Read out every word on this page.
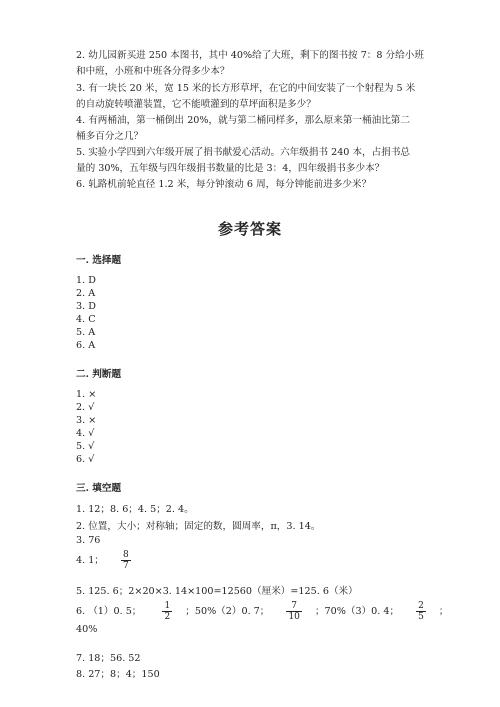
2. 幼儿园新买进 250 本图书，其中 40%给了大班，剩下的图书按 7：8 分给小班
和中班，小班和中班各分得多少本？
3. 有一块长 20 米，宽 15 米的长方形草坪，在它的中间安装了一个射程为 5 米
的自动旋转喷灌装置，它不能喷灌到的草坪面积是多少？
4. 有两桶油，第一桶倒出 20%，就与第二桶同样多，那么原来第一桶油比第二
桶多百分之几？
5. 实验小学四到六年级开展了捐书献爱心活动。六年级捐书 240 本，占捐书总
量的 30%，五年级与四年级捐书数量的比是 3：4，四年级捐书多少本？
6. 轧路机前轮直径 1.2 米，每分钟滚动 6 周，每分钟能前进多少米？
参考答案
一. 选择题
1. D
2. A
3. D
4. C
5. A
6. A
二. 判断题
1. ×
2. √
3. ×
4. √
5. √
6. √
三. 填空题
1. 12；8. 6；4. 5；2. 4。
2. 位置，大小；对称轴；固定的数，圆周率，π，3. 14。
3. 76
4. 1； $\frac{8}{7}$
5. 125. 6；2×20×3. 14×100=12560（厘米）=125. 6（米）
6. （1）0. 5； $\frac{1}{2}$ ；50%（2）0. 7； $\frac{7}{10}$ ；70%（3）0. 4； $\frac{2}{5}$ ；
40%
7. 18；56. 52
8. 27；8；4；150
